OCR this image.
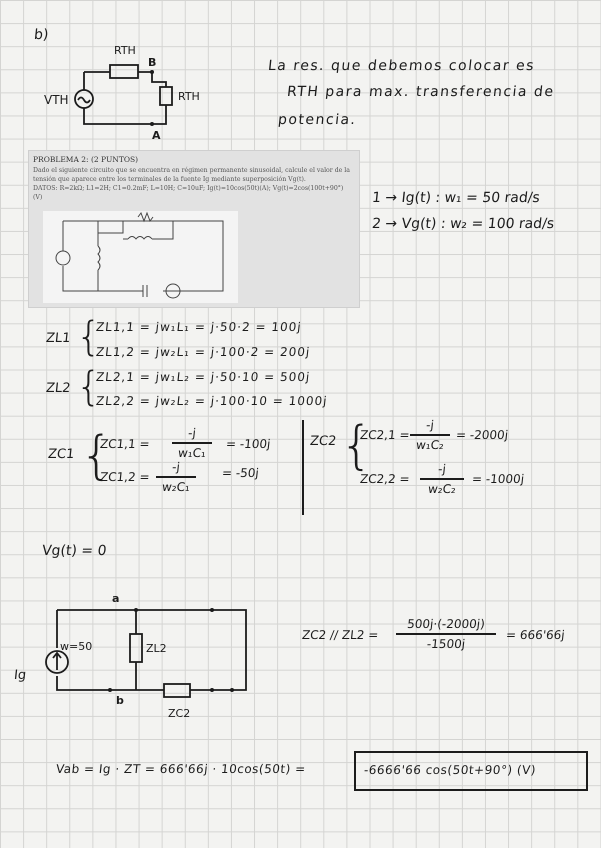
b)
RTH
B
RTH
VTH
A
La res. que debemos colocar es
RTH para max. transferencia de
potencia.
PROBLEMA 2: (2 PUNTOS)
Dado el siguiente circuito que se encuentra en régimen permanente sinusoidal, calcule el valor de la
tensión que aparece entre los terminales de la fuente Ig mediante superposición Vg(t).
DATOS: R=2kΩ; L1=2H; C1=0.2mF; L=10H; C=10uF; Ig(t)=10cos(50t)(A); Vg(t)=2cos(100t+90°)
(V)	1 → Ig(t) : w₁ = 50 rad/s
2 → Vg(t) : w₂ = 100 rad/s
ZL1 {
ZL1,1 = jw₁L₁ = j·50·2 = 100j
ZL1,2 = jw₂L₁ = j·100·2 = 200j
ZL2 {
ZL2,1 = jw₁L₂ = j·50·10 = 500j
ZL2,2 = jw₂L₂ = j·100·10 = 1000j
ZC1 {
ZC1,1 =
-j
w₁C₁
= -100j
ZC1,2 =
-j
w₂C₁
= -50j
ZC2 {
ZC2,1 =
-j
w₁C₂
= -2000j
ZC2,2 =
-j
w₂C₂
= -1000j
Vg(t) = 0
a
b
Ig
w=50	ZL2
ZC2
ZC2 // ZL2 =
500j·(-2000j)
-1500j
= 666'66j
Vab = Ig · ZT = 666'66j · 10cos(50t) =	-6666'66 cos(50t+90°) (V)
